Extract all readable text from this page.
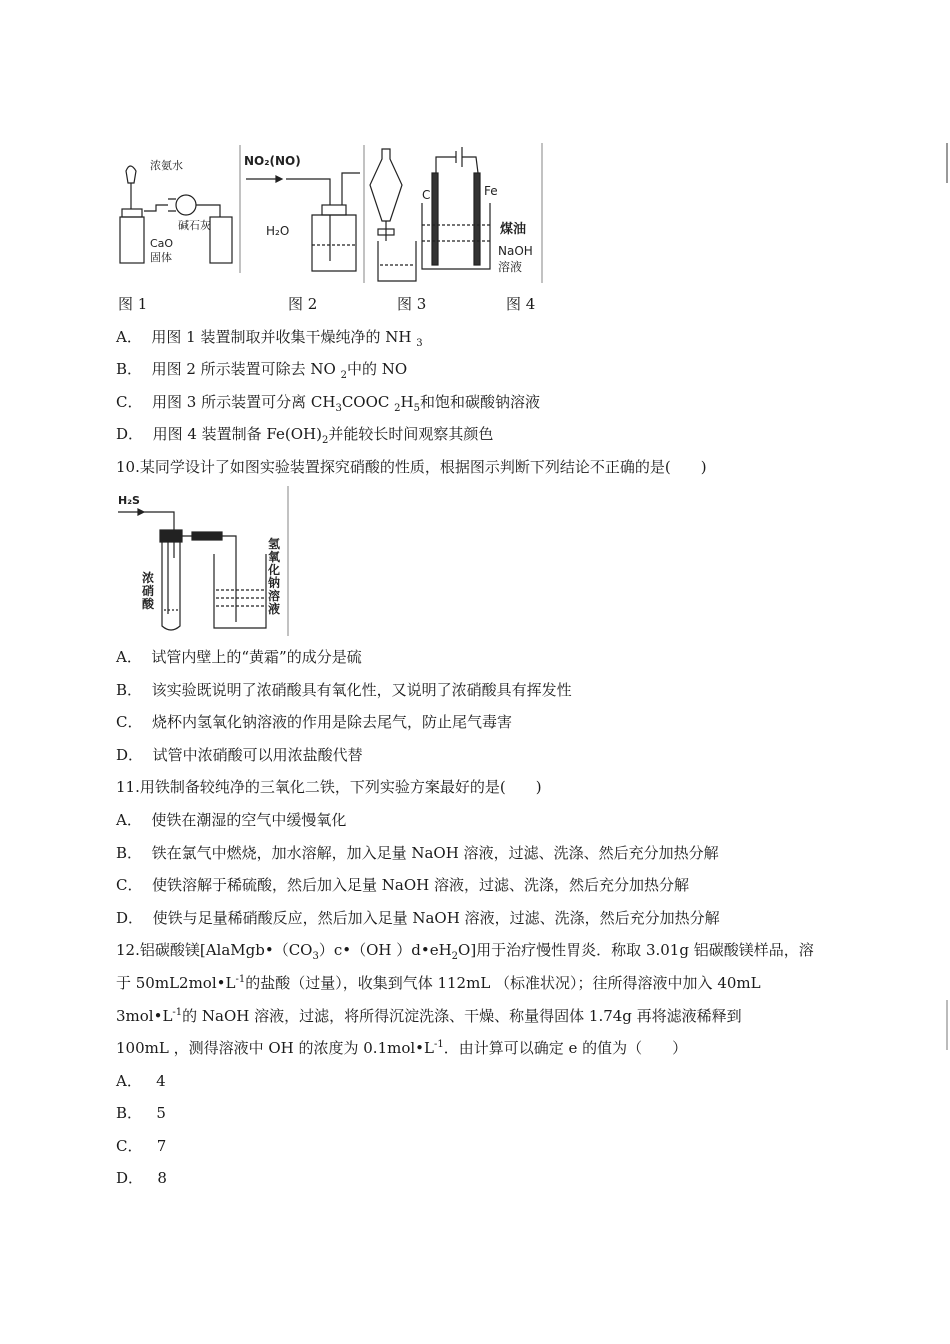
浓氨水
碱石灰
CaO
固体
NO₂(NO)
H₂O
C	Fe
煤油
NaOH
溶液
图 1	图 2	图 3	图 4
A． 用图 1 装置制取并收集干燥纯净的 NH $_3$
B． 用图 2 所示装置可除去 NO $_2$中的 NO
C． 用图 3 所示装置可分离 $CH_3COOC$ $_2H_5$和饱和碳酸钠溶液
D． 用图 4 装置制备 $Fe(OH)_2$并能较长时间观察其颜色
10.某同学设计了如图实验装置探究硝酸的性质，根据图示判断下列结论不正确的是(　　)
H₂S
浓硝酸
氢氧化钠溶液
A． 试管内壁上的“黄霜”的成分是硫
B． 该实验既说明了浓硝酸具有氧化性，又说明了浓硝酸具有挥发性
C． 烧杯内氢氧化钠溶液的作用是除去尾气，防止尾气毒害
D． 试管中浓硝酸可以用浓盐酸代替
11.用铁制备较纯净的三氧化二铁，下列实验方案最好的是(　　)
A． 使铁在潮湿的空气中缓慢氧化
B． 铁在氯气中燃烧，加水溶解，加入足量 NaOH 溶液，过滤、洗涤、然后充分加热分解
C． 使铁溶解于稀硫酸，然后加入足量 NaOH 溶液，过滤、洗涤，然后充分加热分解
D． 使铁与足量稀硝酸反应，然后加入足量 NaOH 溶液，过滤、洗涤，然后充分加热分解
12.铝碳酸镁[$AlaMgb•(CO_3)c•(OH$ ）$d•eH_2O$]用于治疗慢性胃炎．称取 3.01g 铝碳酸镁样品，溶
于 $50mL2mol•L^{-1}$的盐酸（过量），收集到气体 112mL （标准状况）；往所得溶液中加入 40mL
$3mol•L^{-1}$的 NaOH 溶液，过滤，将所得沉淀洗涤、干燥、称量得固体 1.74g 再将滤液稀释到
100mL ，测得溶液中 OH 的浓度为 $0.1mol•L^{-1}$．由计算可以确定 e 的值为（　　）
A． 4
B． 5
C． 7
D． 8
